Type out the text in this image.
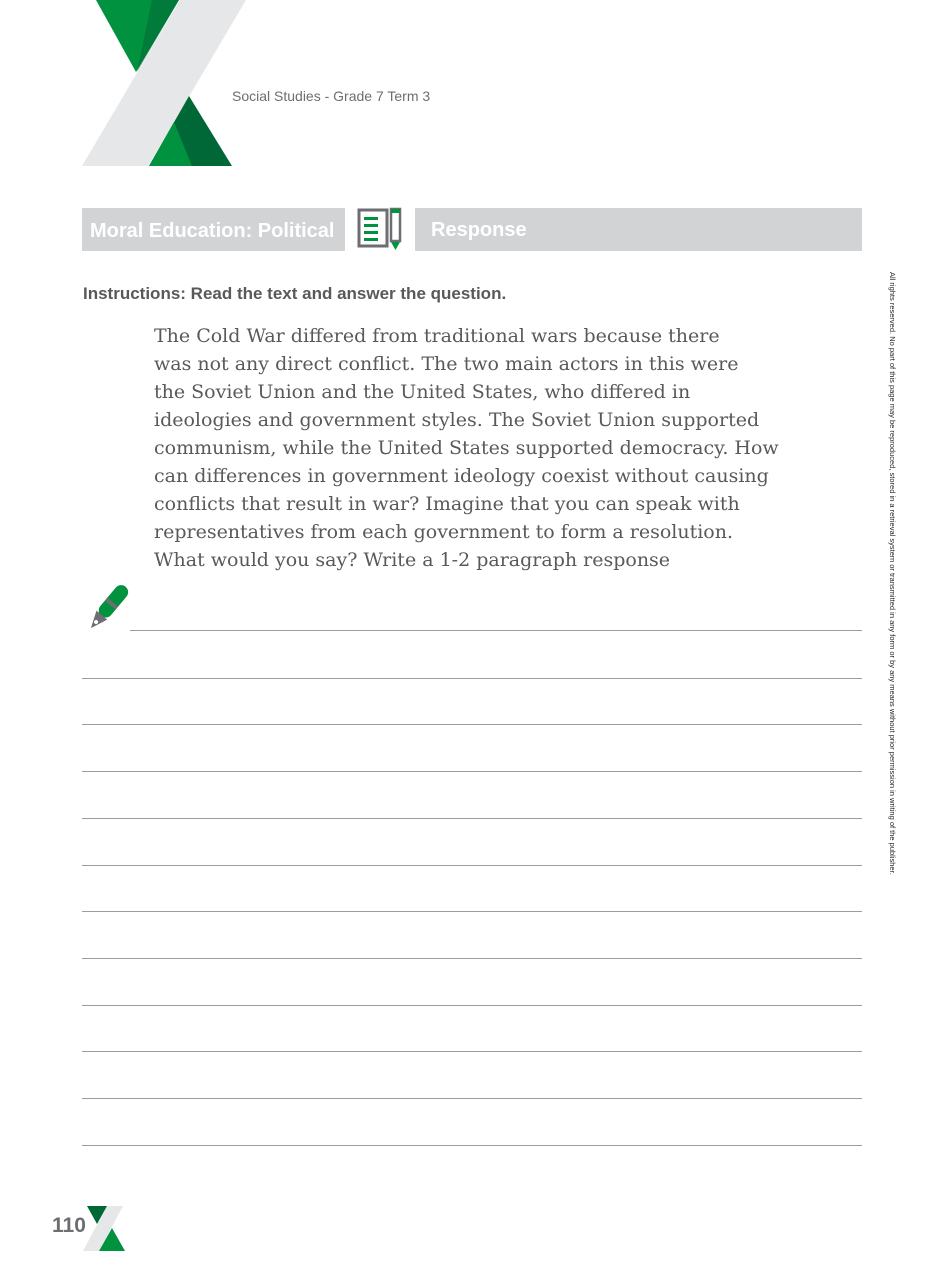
Social Studies - Grade 7 Term 3
Moral Education: Political	Response
Instructions: Read the text and answer the question.
The Cold War differed from traditional wars because there
was not any direct conflict. The two main actors in this were
the Soviet Union and the United States, who differed in
ideologies and government styles. The Soviet Union supported
communism, while the United States supported democracy. How
can differences in government ideology coexist without causing
conflicts that result in war? Imagine that you can speak with
representatives from each government to form a resolution.
What would you say? Write a 1-2 paragraph response	All rights reserved. No part of this page may be reproduced, stored in a retrieval system or transmitted in any form or by any means without prior permission in writing of the publisher.
110
